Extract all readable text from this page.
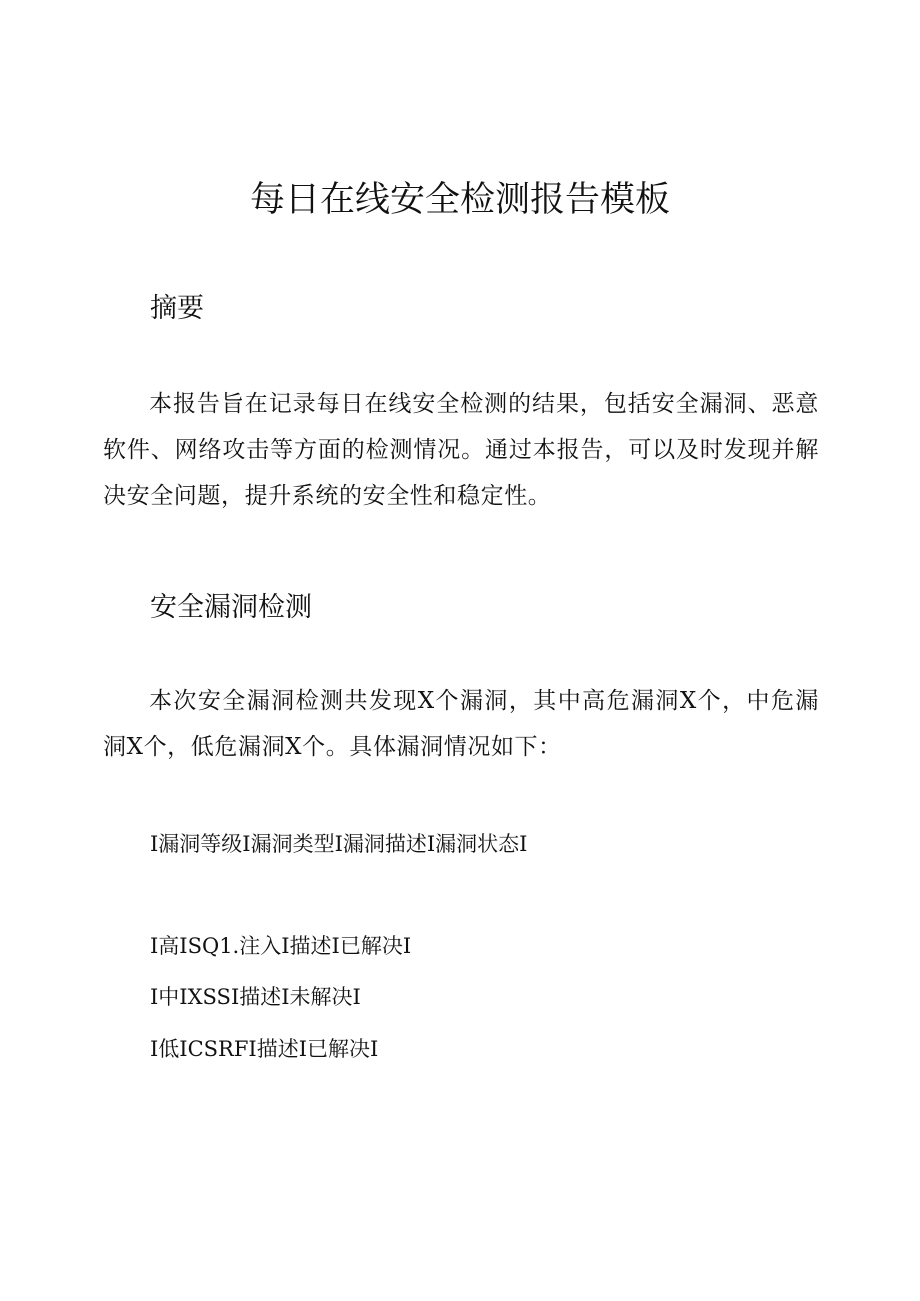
每日在线安全检测报告模板
摘要

本报告旨在记录每日在线安全检测的结果，包括安全漏洞、恶意软件、网络攻击等方面的检测情况。通过本报告，可以及时发现并解决安全问题，提升系统的安全性和稳定性。

安全漏洞检测

本次安全漏洞检测共发现X个漏洞，其中高危漏洞X个，中危漏洞X个，低危漏洞X个。具体漏洞情况如下：

I漏洞等级I漏洞类型I漏洞描述I漏洞状态I
I高ISQ1.注入I描述I已解决I
I中IXSSI描述I未解决I
I低ICSRFI描述I已解决I
